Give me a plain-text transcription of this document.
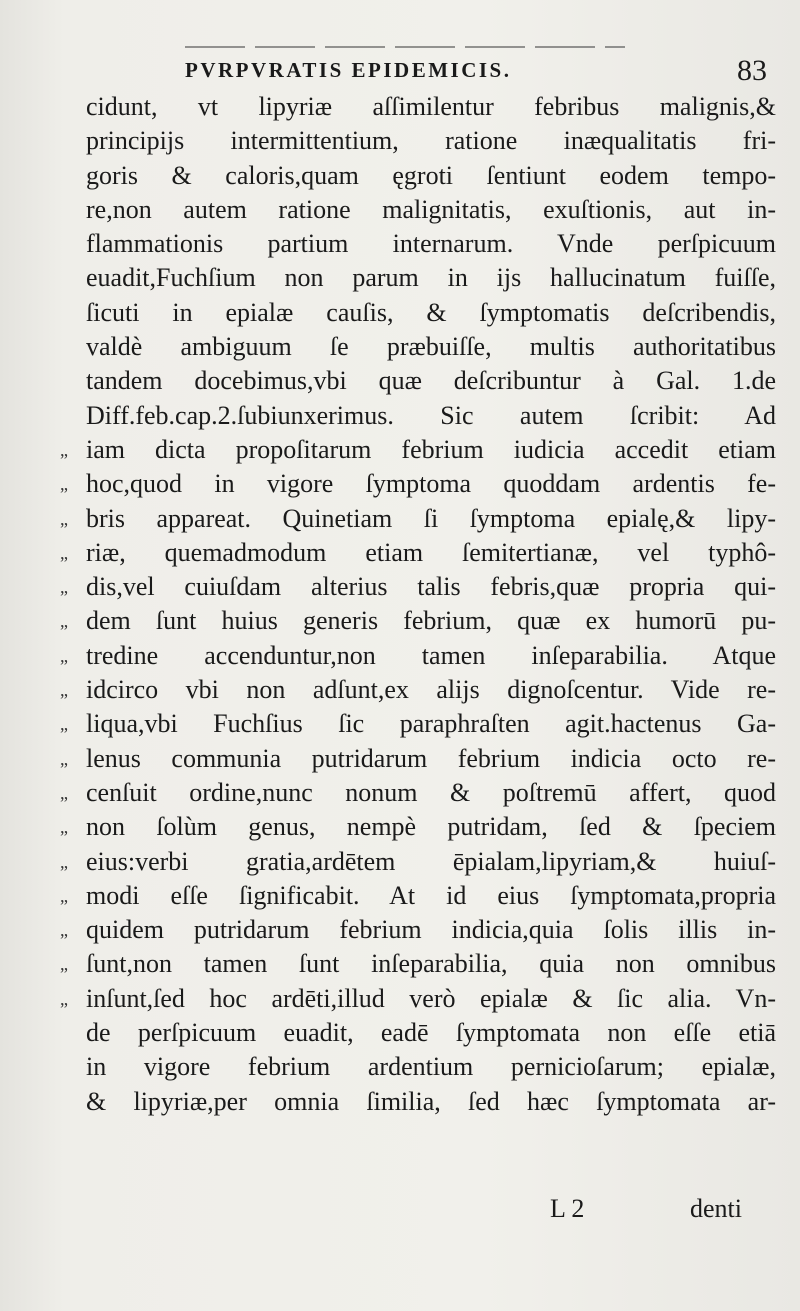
PVRPVRATIS EPIDEMICIS.	83
cidunt, vt lipyriæ aſſimilentur febribus malignis,&
principijs intermittentium, ratione inæqualitatis fri-
goris & caloris,quam ęgroti ſentiunt eodem tempo-
re,non autem ratione malignitatis, exuſtionis, aut in-
flammationis partium internarum. Vnde perſpicuum
euadit,Fuchſium non parum in ijs hallucinatum fuiſſe,
ſicuti in epialæ cauſis, & ſymptomatis deſcribendis,
valdè ambiguum ſe præbuiſſe, multis authoritatibus
tandem docebimus,vbi quæ deſcribuntur à Gal. 1.de
Diff.feb.cap.2.ſubiunxerimus. Sic autem ſcribit: Ad
„ iam dicta propoſitarum febrium iudicia accedit etiam
„ hoc,quod in vigore ſymptoma quoddam ardentis fe-
„ bris appareat. Quinetiam ſi ſymptoma epialę,& lipy-
„ riæ, quemadmodum etiam ſemitertianæ, vel typhô-
„ dis,vel cuiuſdam alterius talis febris,quæ propria qui-
„ dem ſunt huius generis febrium, quæ ex humorū pu-
„ tredine accenduntur,non tamen inſeparabilia. Atque
„ idcirco vbi non adſunt,ex alijs dignoſcentur. Vide re-
„ liqua,vbi Fuchſius ſic paraphraſten agit.hactenus Ga-
„ lenus communia putridarum febrium indicia octo re-
„ cenſuit ordine,nunc nonum & poſtremū affert, quod
„ non ſolùm genus, nempè putridam, ſed & ſpeciem
„ eius:verbi gratia,ardētem ēpialam,lipyriam,& huiuſ-
„ modi eſſe ſignificabit. At id eius ſymptomata,propria
„ quidem putridarum febrium indicia,quia ſolis illis in-
„ ſunt,non tamen ſunt inſeparabilia, quia non omnibus
„ inſunt,ſed hoc ardēti,illud verò epialæ & ſic alia. Vn-
de perſpicuum euadit, eadē ſymptomata non eſſe etiā
in vigore febrium ardentium pernicioſarum; epialæ,
& lipyriæ,per omnia ſimilia, ſed hæc ſymptomata ar-
L 2	denti
